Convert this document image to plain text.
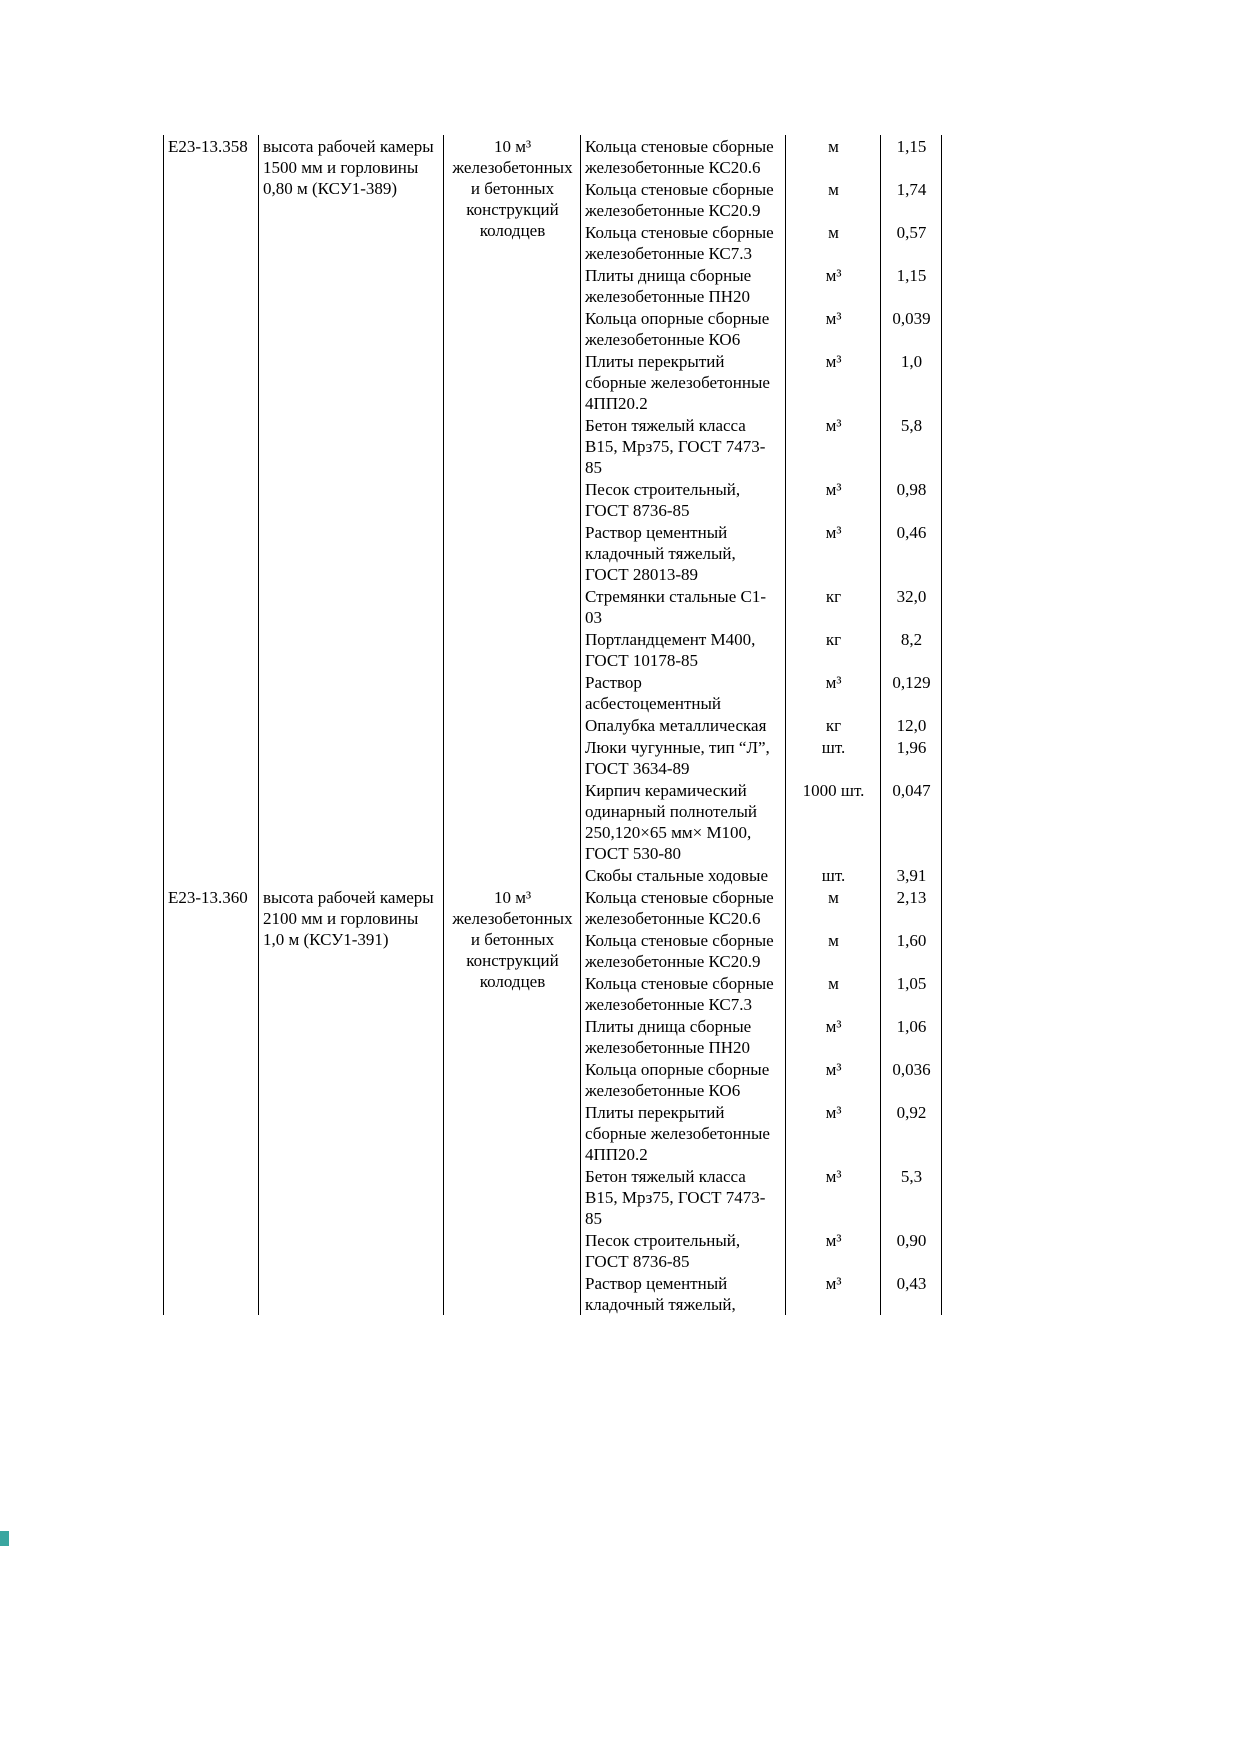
Е23-13.358	высота рабочей камеры 1500 мм и горловины 0,80 м (КСУ1-389)	10 м³ железобетонных и бетонных конструкций колодцев	Кольца стеновые сборные железобетонные КС20.6	м	1,15
			Кольца стеновые сборные железобетонные КС20.9	м	1,74
			Кольца стеновые сборные железобетонные КС7.3	м	0,57
			Плиты днища сборные железобетонные ПН20	м³	1,15
			Кольца опорные сборные железобетонные КО6	м³	0,039
			Плиты перекрытий сборные железобетонные 4ПП20.2	м³	1,0
			Бетон тяжелый класса В15, Мрз75, ГОСТ 7473-85	м³	5,8
			Песок строительный, ГОСТ 8736-85	м³	0,98
			Раствор цементный кладочный тяжелый, ГОСТ 28013-89	м³	0,46
			Стремянки стальные С1-03	кг	32,0
			Портландцемент М400, ГОСТ 10178-85	кг	8,2
			Раствор асбестоцементный	м³	0,129
			Опалубка металлическая	кг	12,0
			Люки чугунные, тип “Л”, ГОСТ 3634-89	шт.	1,96
			Кирпич керамический одинарный полнотелый 250,120×65 мм× М100, ГОСТ 530-80	1000 шт.	0,047
			Скобы стальные ходовые	шт.	3,91
Е23-13.360	высота рабочей камеры 2100 мм и горловины 1,0 м (КСУ1-391)	10 м³ железобетонных и бетонных конструкций колодцев	Кольца стеновые сборные железобетонные КС20.6	м	2,13
			Кольца стеновые сборные железобетонные КС20.9	м	1,60
			Кольца стеновые сборные железобетонные КС7.3	м	1,05
			Плиты днища сборные железобетонные ПН20	м³	1,06
			Кольца опорные сборные железобетонные КО6	м³	0,036
			Плиты перекрытий сборные железобетонные 4ПП20.2	м³	0,92
			Бетон тяжелый класса В15, Мрз75, ГОСТ 7473-85	м³	5,3
			Песок строительный, ГОСТ 8736-85	м³	0,90
			Раствор цементный кладочный тяжелый,	м³	0,43
